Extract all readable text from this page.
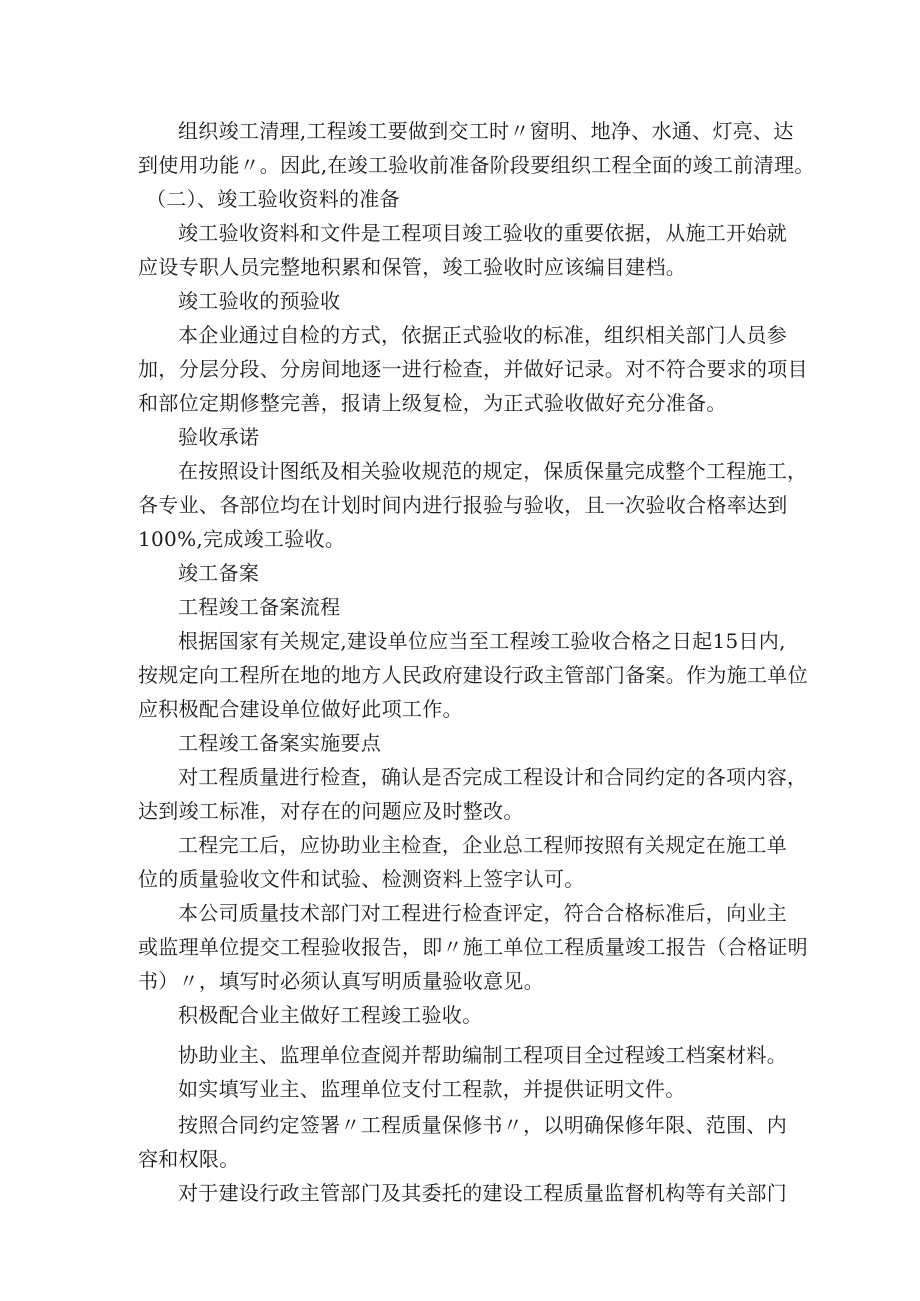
组织竣工清理,工程竣工要做到交工时〃窗明、地净、水通、灯亮、达

到使用功能〃。因此,在竣工验收前准备阶段要组织工程全面的竣工前清理。

（二）、竣工验收资料的准备

竣工验收资料和文件是工程项目竣工验收的重要依据，从施工开始就

应设专职人员完整地积累和保管，竣工验收时应该编目建档。

竣工验收的预验收

本企业通过自检的方式，依据正式验收的标准，组织相关部门人员参

加，分层分段、分房间地逐一进行检查，并做好记录。对不符合要求的项目

和部位定期修整完善，报请上级复检，为正式验收做好充分准备。

验收承诺

在按照设计图纸及相关验收规范的规定，保质保量完成整个工程施工，

各专业、各部位均在计划时间内进行报验与验收，且一次验收合格率达到

100%,完成竣工验收。

竣工备案

工程竣工备案流程

根据国家有关规定,建设单位应当至工程竣工验收合格之日起15日内,

按规定向工程所在地的地方人民政府建设行政主管部门备案。作为施工单位

应积极配合建设单位做好此项工作。

工程竣工备案实施要点

对工程质量进行检查，确认是否完成工程设计和合同约定的各项内容，

达到竣工标准，对存在的问题应及时整改。

工程完工后，应协助业主检查，企业总工程师按照有关规定在施工单

位的质量验收文件和试验、检测资料上签字认可。

本公司质量技术部门对工程进行检查评定，符合合格标准后，向业主

或监理单位提交工程验收报告，即〃施工单位工程质量竣工报告（合格证明

书）〃，填写时必须认真写明质量验收意见。

积极配合业主做好工程竣工验收。

协助业主、监理单位查阅并帮助编制工程项目全过程竣工档案材料。

如实填写业主、监理单位支付工程款，并提供证明文件。

按照合同约定签署〃工程质量保修书〃，以明确保修年限、范围、内

容和权限。

对于建设行政主管部门及其委托的建设工程质量监督机构等有关部门
